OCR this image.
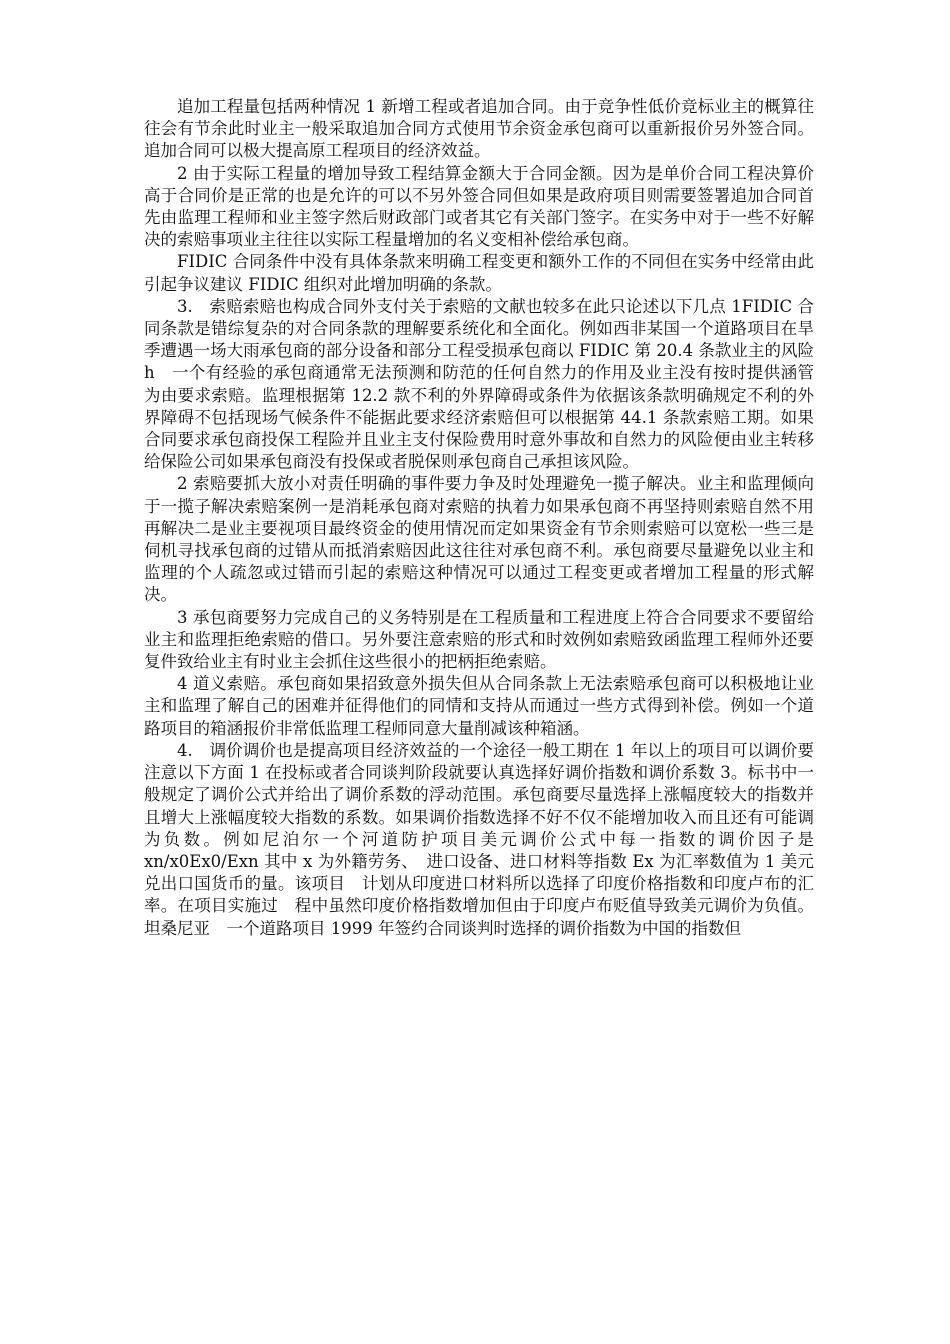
追加工程量包括两种情况 1 新增工程或者追加合同。由于竞争性低价竞标业主的概算往往会有节余此时业主一般采取追加合同方式使用节余资金承包商可以重新报价另外签合同。追加合同可以极大提高原工程项目的经济效益。

2 由于实际工程量的增加导致工程结算金额大于合同金额。因为是单价合同工程决算价高于合同价是正常的也是允许的可以不另外签合同但如果是政府项目则需要签署追加合同首先由监理工程师和业主签字然后财政部门或者其它有关部门签字。在实务中对于一些不好解决的索赔事项业主往往以实际工程量增加的名义变相补偿给承包商。

FIDIC 合同条件中没有具体条款来明确工程变更和额外工作的不同但在实务中经常由此引起争议建议 FIDIC 组织对此增加明确的条款。

3.　索赔索赔也构成合同外支付关于索赔的文献也较多在此只论述以下几点 1FIDIC 合同条款是错综复杂的对合同条款的理解要系统化和全面化。例如西非某国一个道路项目在旱季遭遇一场大雨承包商的部分设备和部分工程受损承包商以 FIDIC 第 20.4 条款业主的风险 h　一个有经验的承包商通常无法预测和防范的任何自然力的作用及业主没有按时提供涵管为由要求索赔。监理根据第 12.2 款不利的外界障碍或条件为依据该条款明确规定不利的外界障碍不包括现场气候条件不能据此要求经济索赔但可以根据第 44.1 条款索赔工期。如果合同要求承包商投保工程险并且业主支付保险费用时意外事故和自然力的风险便由业主转移给保险公司如果承包商没有投保或者脱保则承包商自己承担该风险。

2 索赔要抓大放小对责任明确的事件要力争及时处理避免一揽子解决。业主和监理倾向于一揽子解决索赔案例一是消耗承包商对索赔的执着力如果承包商不再坚持则索赔自然不用再解决二是业主要视项目最终资金的使用情况而定如果资金有节余则索赔可以宽松一些三是伺机寻找承包商的过错从而抵消索赔因此这往往对承包商不利。承包商要尽量避免以业主和监理的个人疏忽或过错而引起的索赔这种情况可以通过工程变更或者增加工程量的形式解决。

3 承包商要努力完成自己的义务特别是在工程质量和工程进度上符合合同要求不要留给业主和监理拒绝索赔的借口。另外要注意索赔的形式和时效例如索赔致函监理工程师外还要复件致给业主有时业主会抓住这些很小的把柄拒绝索赔。

4 道义索赔。承包商如果招致意外损失但从合同条款上无法索赔承包商可以积极地让业主和监理了解自己的困难并征得他们的同情和支持从而通过一些方式得到补偿。例如一个道路项目的箱涵报价非常低监理工程师同意大量削减该种箱涵。

4.　调价调价也是提高项目经济效益的一个途径一般工期在 1 年以上的项目可以调价要注意以下方面 1 在投标或者合同谈判阶段就要认真选择好调价指数和调价系数 3。标书中一般规定了调价公式并给出了调价系数的浮动范围。承包商要尽量选择上涨幅度较大的指数并且增大上涨幅度较大指数的系数。如果调价指数选择不好不仅不能增加收入而且还有可能调为负数。例如尼泊尔一个河道防护项目美元调价公式中每一指数的调价因子是 xn/x0Ex0/Exn 其中 x 为外籍劳务、　进口设备、进口材料等指数 Ex 为汇率数值为 1 美元兑出口国货币的量。该项目　计划从印度进口材料所以选择了印度价格指数和印度卢布的汇率。在项目实施过　程中虽然印度价格指数增加但由于印度卢布贬值导致美元调价为负值。坦桑尼亚　一个道路项目 1999 年签约合同谈判时选择的调价指数为中国的指数但
